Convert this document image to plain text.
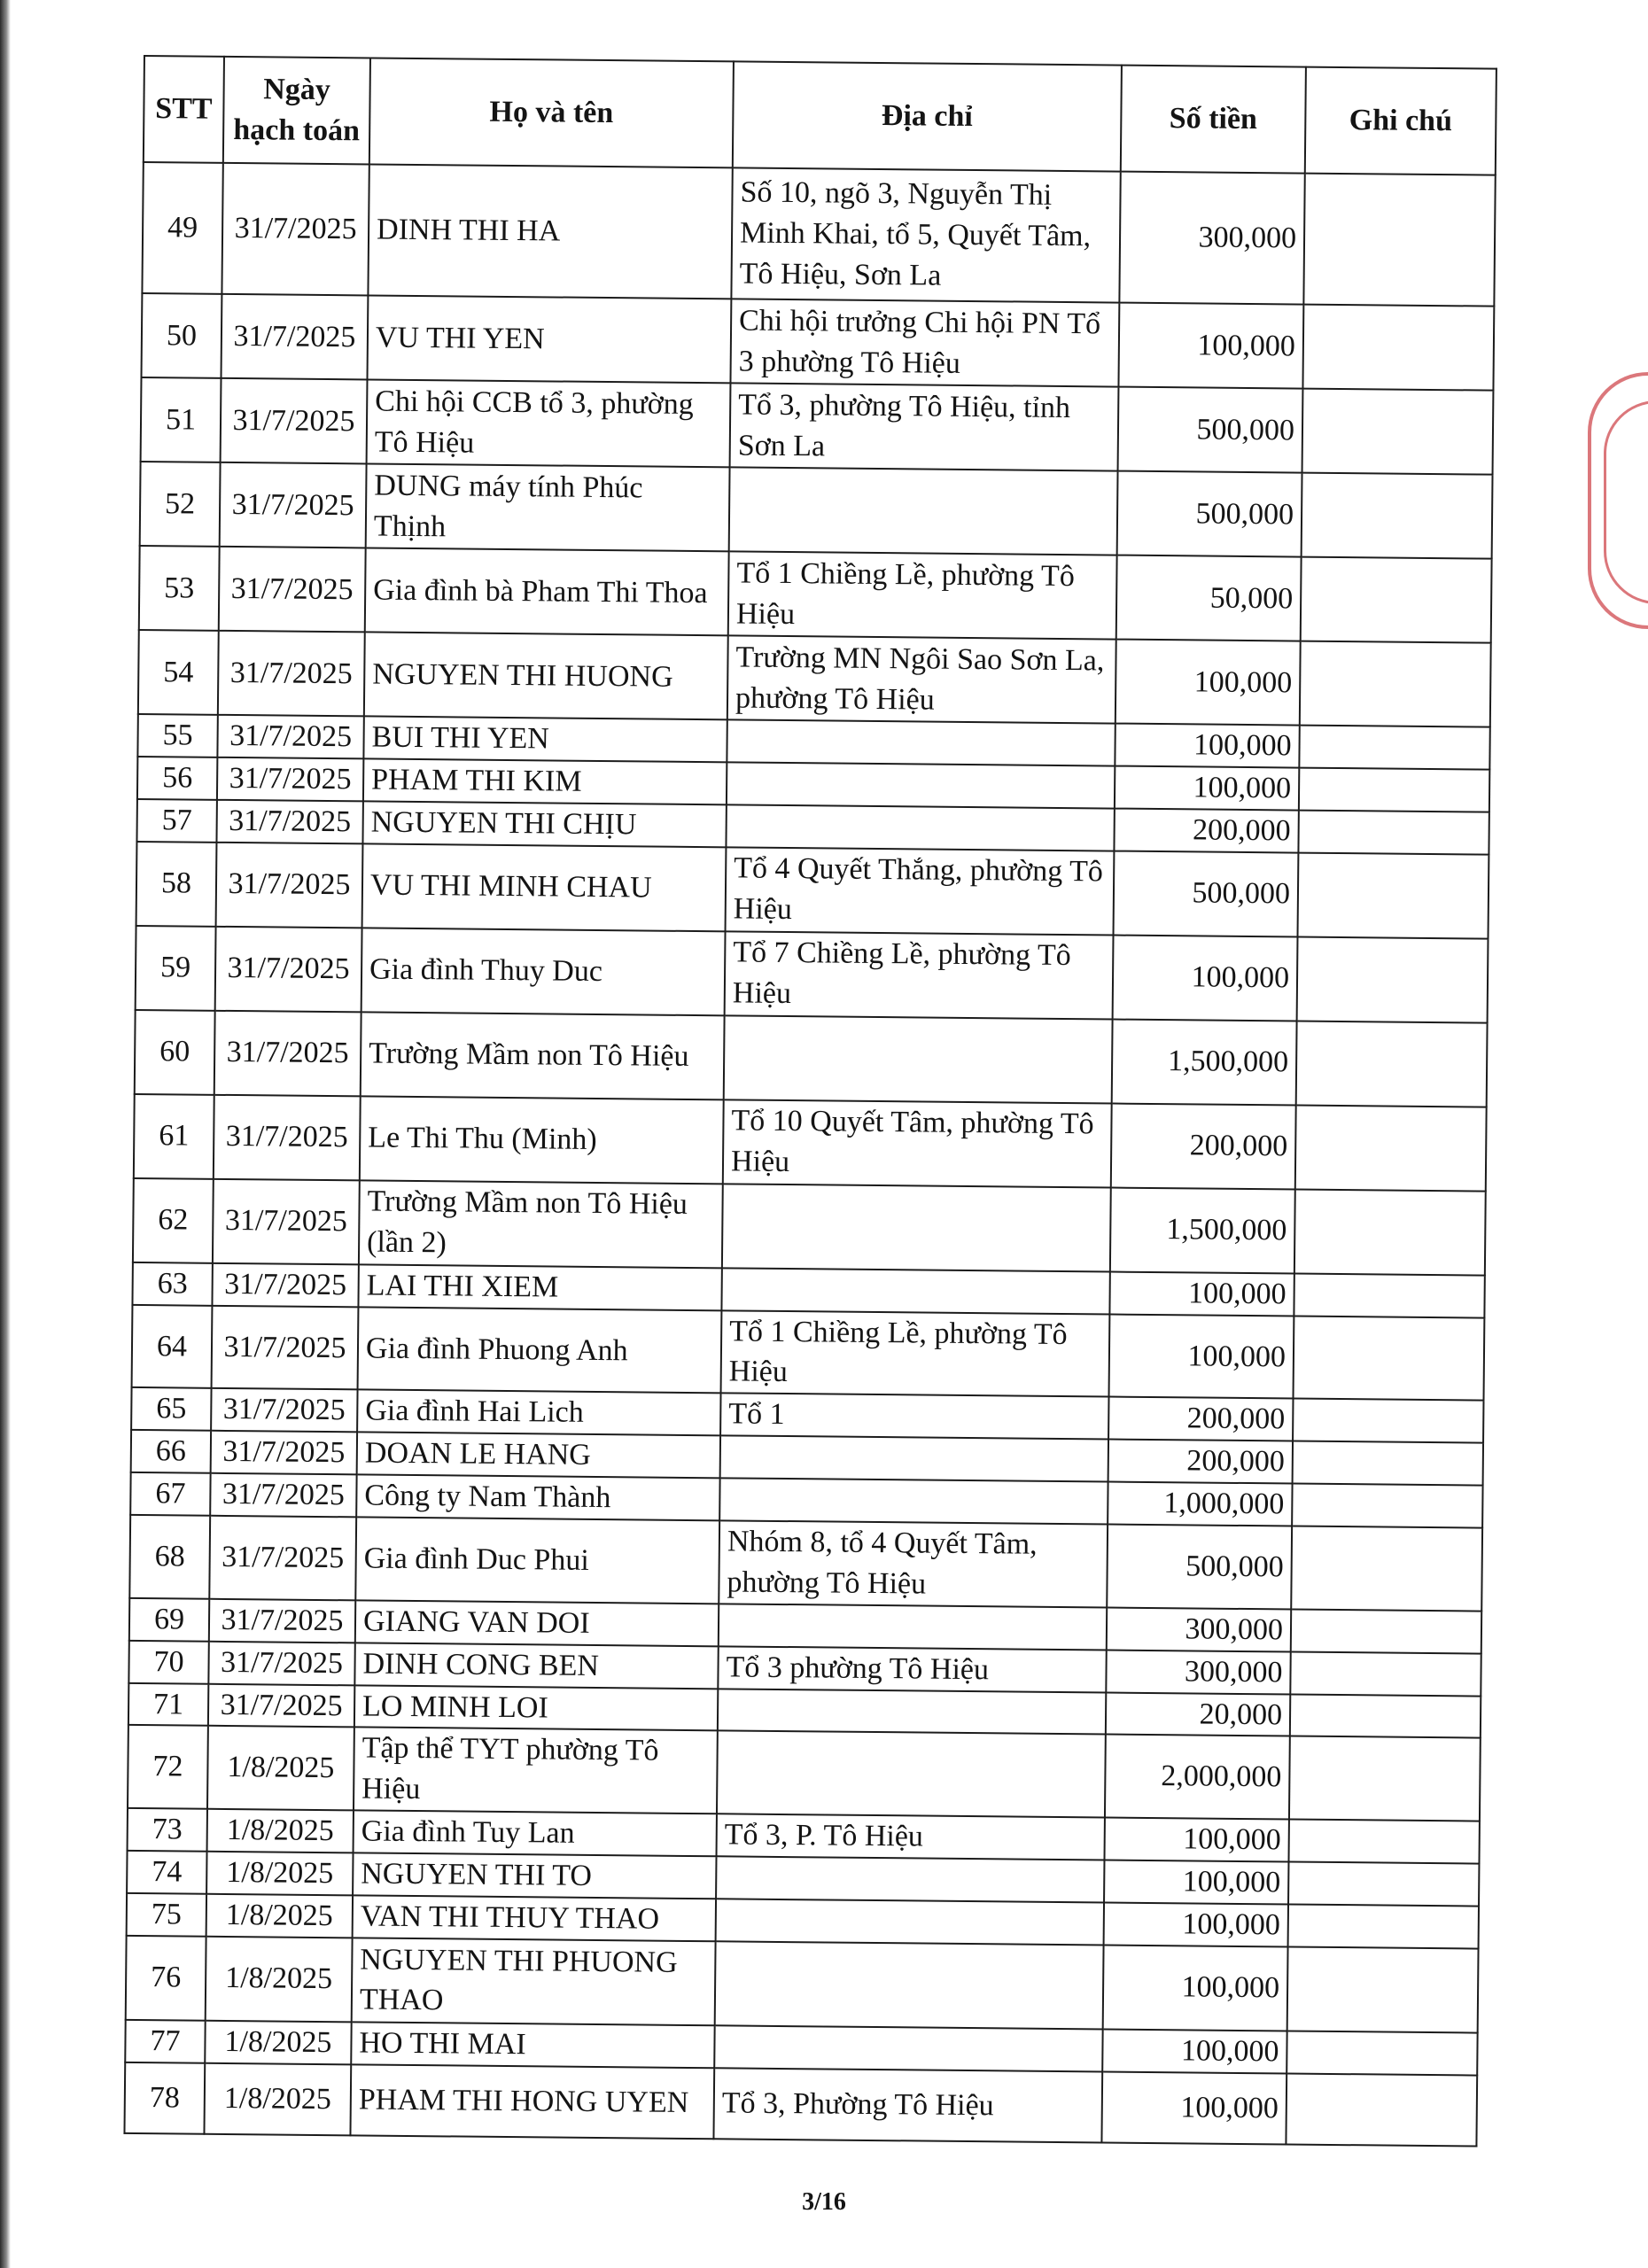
STT	Ngày hạch toán	Họ và tên	Địa chỉ	Số tiền	Ghi chú
49	31/7/2025	DINH THI HA	Số 10, ngõ 3, Nguyễn Thị Minh Khai, tổ 5, Quyết Tâm, Tô Hiệu, Sơn La	300,000	
50	31/7/2025	VU THI YEN	Chi hội trưởng Chi hội PN Tổ 3 phường Tô Hiệu	100,000	
51	31/7/2025	Chi hội CCB tổ 3, phường Tô Hiệu	Tổ 3, phường Tô Hiệu, tỉnh Sơn La	500,000	
52	31/7/2025	DUNG máy tính Phúc Thịnh		500,000	
53	31/7/2025	Gia đình bà Pham Thi Thoa	Tổ 1 Chiềng Lề, phường Tô Hiệu	50,000	
54	31/7/2025	NGUYEN THI HUONG	Trường MN Ngôi Sao Sơn La, phường Tô Hiệu	100,000	
55	31/7/2025	BUI THI YEN		100,000	
56	31/7/2025	PHAM THI KIM		100,000	
57	31/7/2025	NGUYEN THI CHỊU		200,000	
58	31/7/2025	VU THI MINH CHAU	Tổ 4 Quyết Thắng, phường Tô Hiệu	500,000	
59	31/7/2025	Gia đình Thuy Duc	Tổ 7 Chiềng Lề, phường Tô Hiệu	100,000	
60	31/7/2025	Trường Mầm non Tô Hiệu		1,500,000	
61	31/7/2025	Le Thi Thu (Minh)	Tổ 10 Quyết Tâm, phường Tô Hiệu	200,000	
62	31/7/2025	Trường Mầm non Tô Hiệu (lần 2)		1,500,000	
63	31/7/2025	LAI THI XIEM		100,000	
64	31/7/2025	Gia đình Phuong Anh	Tổ 1 Chiềng Lề, phường Tô Hiệu	100,000	
65	31/7/2025	Gia đình Hai Lich	Tổ 1	200,000	
66	31/7/2025	DOAN LE HANG		200,000	
67	31/7/2025	Công ty Nam Thành		1,000,000	
68	31/7/2025	Gia đình Duc Phui	Nhóm 8, tổ 4 Quyết Tâm, phường Tô Hiệu	500,000	
69	31/7/2025	GIANG VAN DOI		300,000	
70	31/7/2025	DINH CONG BEN	Tổ 3 phường Tô Hiệu	300,000	
71	31/7/2025	LO MINH LOI		20,000	
72	1/8/2025	Tập thể TYT phường Tô Hiệu		2,000,000	
73	1/8/2025	Gia đình Tuy Lan	Tổ 3, P. Tô Hiệu	100,000	
74	1/8/2025	NGUYEN THI TO		100,000	
75	1/8/2025	VAN THI THUY THAO		100,000	
76	1/8/2025	NGUYEN THI PHUONG THAO		100,000	
77	1/8/2025	HO THI MAI		100,000	
78	1/8/2025	PHAM THI HONG UYEN	Tổ 3, Phường Tô Hiệu	100,000	
3/16
